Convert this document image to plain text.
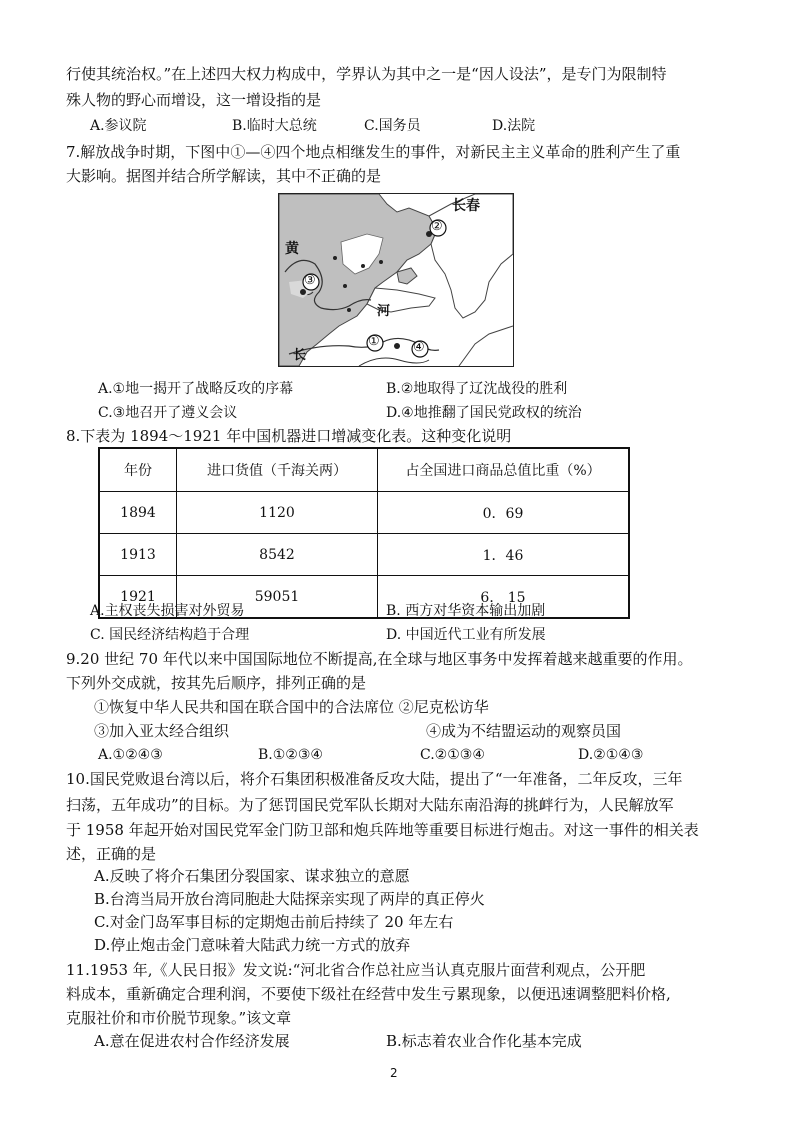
行使其统治权。”在上述四大权力构成中，学界认为其中之一是“因人设法”，是专门为限制特
殊人物的野心而增设，这一增设指的是
A.参议院	B.临时大总统	C.国务员	D.法院
7.解放战争时期，下图中①—④四个地点相继发生的事件，对新民主主义革命的胜利产生了重
大影响。据图并结合所学解读，其中不正确的是
长春
黄
河
长
②
③
①	④
A.①地一揭开了战略反攻的序幕	B.②地取得了辽沈战役的胜利
C.③地召开了遵义会议	D.④地推翻了国民党政权的统治
8.下表为 1894～1921 年中国机器进口增减变化表。这种变化说明
年份	进口货值（千海关两）	占全国进口商品总值比重（%）
1894	1120	0．69
1913	8542	1．46
1921	59051	6． 15
A.主权丧失损害对外贸易	B. 西方对华资本输出加剧
C. 国民经济结构趋于合理	D. 中国近代工业有所发展
9.20 世纪 70 年代以来中国国际地位不断提高,在全球与地区事务中发挥着越来越重要的作用。
下列外交成就，按其先后顺序，排列正确的是
①恢复中华人民共和国在联合国中的合法席位 ②尼克松访华
③加入亚太经合组织	④成为不结盟运动的观察员国
A.①②④③	B.①②③④	C.②①③④	D.②①④③
10.国民党败退台湾以后，将介石集团积极准备反攻大陆，提出了“一年准备，二年反攻，三年
扫荡，五年成功”的目标。为了惩罚国民党军队长期对大陆东南沿海的挑衅行为，人民解放军
于 1958 年起开始对国民党军金门防卫部和炮兵阵地等重要目标进行炮击。对这一事件的相关表
述，正确的是
A.反映了将介石集团分裂国家、谋求独立的意愿
B.台湾当局开放台湾同胞赴大陆探亲实现了两岸的真正停火
C.对金门岛军事目标的定期炮击前后持续了 20 年左右
D.停止炮击金门意味着大陆武力统一方式的放弃
11.1953 年,《人民日报》发文说:“河北省合作总社应当认真克服片面营利观点，公开肥
料成本，重新确定合理利润，不要使下级社在经营中发生亏累现象，以便迅速调整肥料价格,
克服社价和市价脱节现象。”该文章
A.意在促进农村合作经济发展	B.标志着农业合作化基本完成
2
